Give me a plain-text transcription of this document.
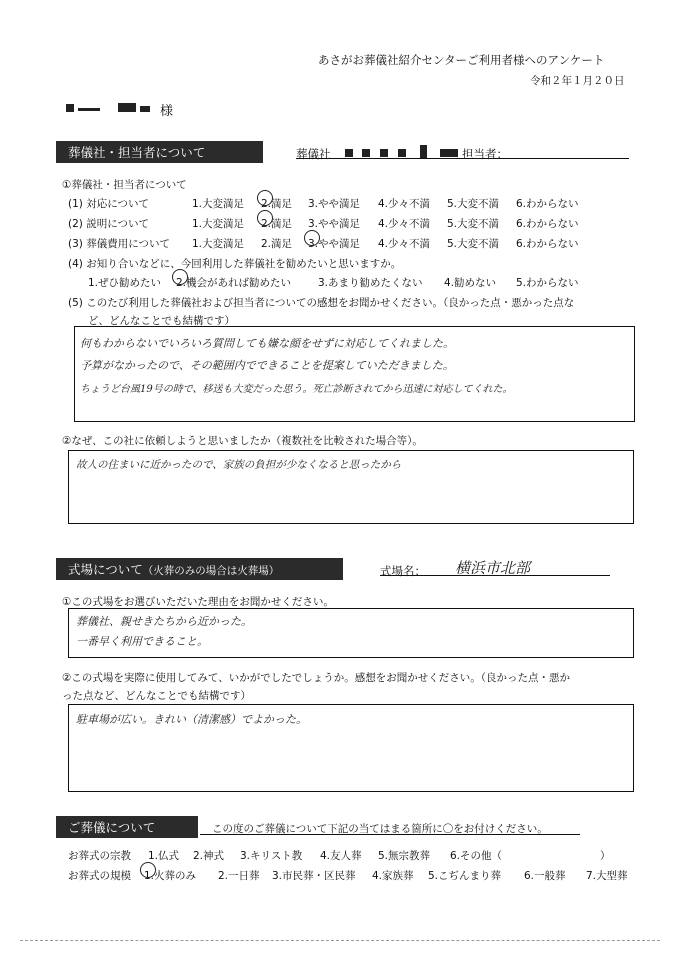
あさがお葬儀社紹介センターご利用者様へのアンケート
令和２年１月２０日
様
葬儀社・担当者について	葬儀社	担当者：
①葬儀社・担当者について
(1) 対応について	1.大変満足 2.満足 3.やや満足 4.少々不満 5.大変不満 6.わからない
(2) 説明について	1.大変満足 2.満足 3.やや満足 4.少々不満 5.大変不満 6.わからない
(3) 葬儀費用について 1.大変満足 2.満足 3.やや満足 4.少々不満 5.大変不満 6.わからない
(4) お知り合いなどに、今回利用した葬儀社を勧めたいと思いますか。
1.ぜひ勧めたい 2.機会があれば勧めたい	3.あまり勧めたくない 4.勧めない 5.わからない
(5) このたび利用した葬儀社および担当者についての感想をお聞かせください。（良かった点・悪かった点な
ど、どんなことでも結構です）
何もわからないでいろいろ質問しても嫌な顔をせずに対応してくれました。
予算がなかったので、その範囲内でできることを提案していただきました。
ちょうど台風19号の時で、移送も大変だった思う。死亡診断されてから迅速に対応してくれた。
②なぜ、この社に依頼しようと思いましたか（複数社を比較された場合等）。
故人の住まいに近かったので、家族の負担が少なくなると思ったから
式場について（火葬のみの場合は火葬場）	式場名： 横浜市北部
①この式場をお選びいただいた理由をお聞かせください。
葬儀社、親せきたちから近かった。
一番早く利用できること。
②この式場を実際に使用してみて、いかがでしたでしょうか。感想をお聞かせください。（良かった点・悪か
った点など、どんなことでも結構です）
駐車場が広い。きれい（清潔感）でよかった。
ご葬儀について	この度のご葬儀について下記の当てはまる箇所に〇をお付けください。
お葬式の宗教 1.仏式 2.神式 3.キリスト教 4.友人葬 5.無宗教葬 6.その他（	）
お葬式の規模 1.火葬のみ 2.一日葬 3.市民葬・区民葬 4.家族葬 5.こぢんまり葬 6.一般葬 7.大型葬
